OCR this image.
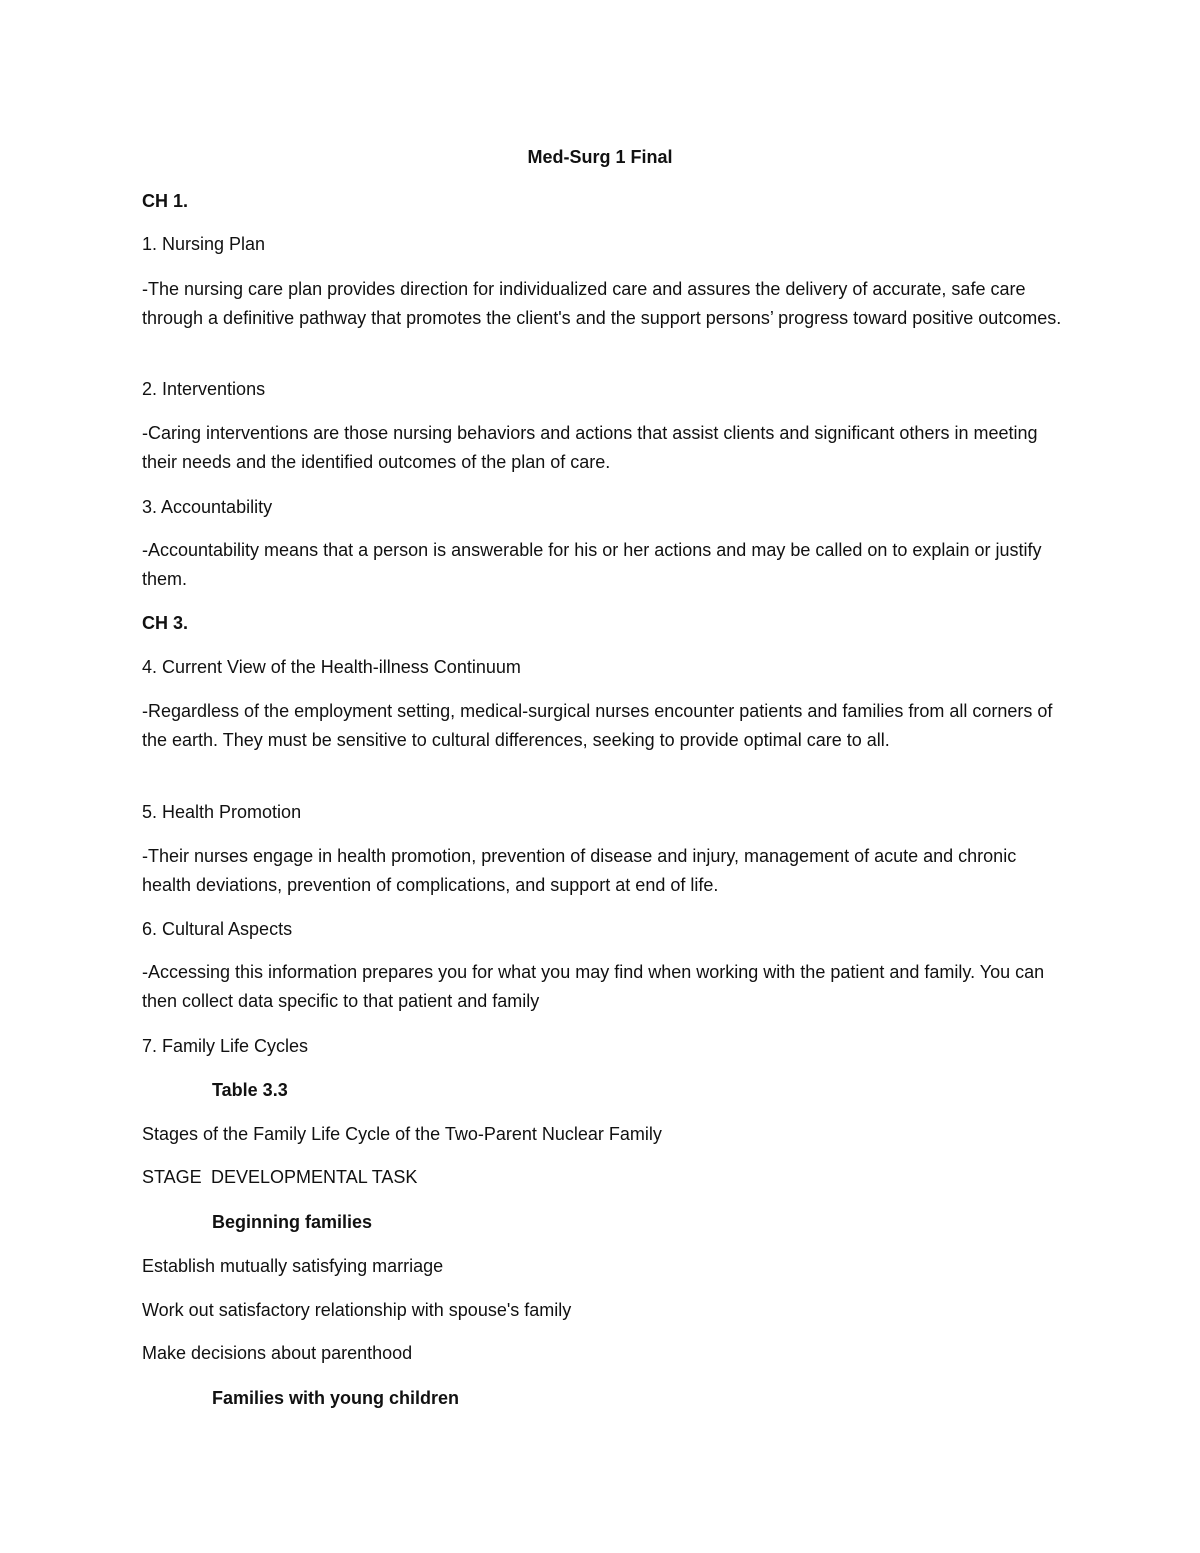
Med-Surg 1 Final
CH 1.
1. Nursing Plan
-The nursing care plan provides direction for individualized care and assures the delivery of accurate, safe care through a definitive pathway that promotes the client's and the support persons’ progress toward positive outcomes.
2. Interventions
-Caring interventions are those nursing behaviors and actions that assist clients and significant others in meeting their needs and the identified outcomes of the plan of care.
3. Accountability
-Accountability means that a person is answerable for his or her actions and may be called on to explain or justify them.
CH 3.
4. Current View of the Health-illness Continuum
-Regardless of the employment setting, medical-surgical nurses encounter patients and families from all corners of the earth. They must be sensitive to cultural differences, seeking to provide optimal care to all.
5. Health Promotion
-Their nurses engage in health promotion, prevention of disease and injury, management of acute and chronic health deviations, prevention of complications, and support at end of life.
6. Cultural Aspects
-Accessing this information prepares you for what you may find when working with the patient and family. You can then collect data specific to that patient and family
7. Family Life Cycles
Table 3.3
Stages of the Family Life Cycle of the Two-Parent Nuclear Family
STAGE DEVELOPMENTAL TASK
Beginning families
Establish mutually satisfying marriage
Work out satisfactory relationship with spouse's family
Make decisions about parenthood
Families with young children
